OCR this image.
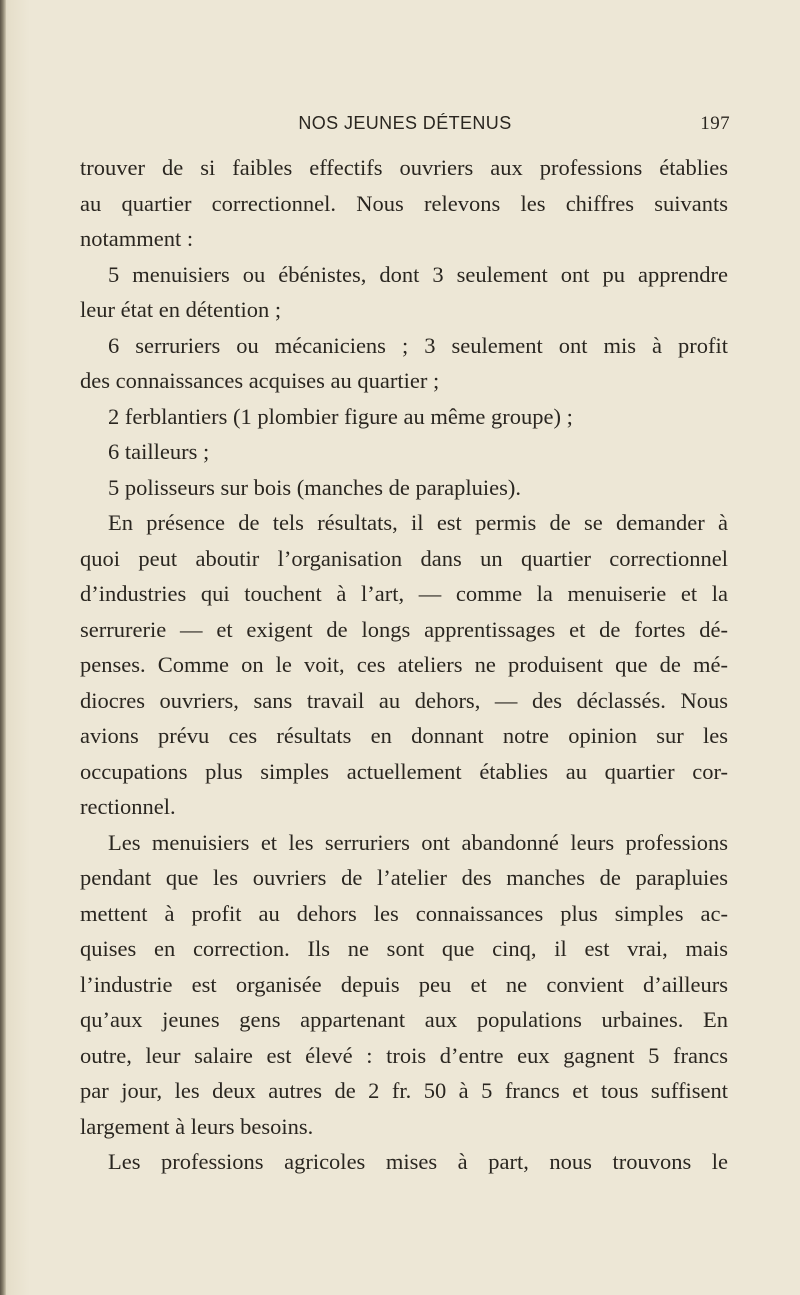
NOS JEUNES DÉTENUS	197
trouver de si faibles effectifs ouvriers aux professions établies
au quartier correctionnel. Nous relevons les chiffres suivants
notamment :
5 menuisiers ou ébénistes, dont 3 seulement ont pu apprendre
leur état en détention ;
6 serruriers ou mécaniciens ; 3 seulement ont mis à profit
des connaissances acquises au quartier ;
2 ferblantiers (1 plombier figure au même groupe) ;
6 tailleurs ;
5 polisseurs sur bois (manches de parapluies).
En présence de tels résultats, il est permis de se demander à
quoi peut aboutir l’organisation dans un quartier correctionnel
d’industries qui touchent à l’art, — comme la menuiserie et la
serrurerie — et exigent de longs apprentissages et de fortes dé-
penses. Comme on le voit, ces ateliers ne produisent que de mé-
diocres ouvriers, sans travail au dehors, — des déclassés. Nous
avions prévu ces résultats en donnant notre opinion sur les
occupations plus simples actuellement établies au quartier cor-
rectionnel.
Les menuisiers et les serruriers ont abandonné leurs professions
pendant que les ouvriers de l’atelier des manches de parapluies
mettent à profit au dehors les connaissances plus simples ac-
quises en correction. Ils ne sont que cinq, il est vrai, mais
l’industrie est organisée depuis peu et ne convient d’ailleurs
qu’aux jeunes gens appartenant aux populations urbaines. En
outre, leur salaire est élevé : trois d’entre eux gagnent 5 francs
par jour, les deux autres de 2 fr. 50 à 5 francs et tous suffisent
largement à leurs besoins.
Les professions agricoles mises à part, nous trouvons le
